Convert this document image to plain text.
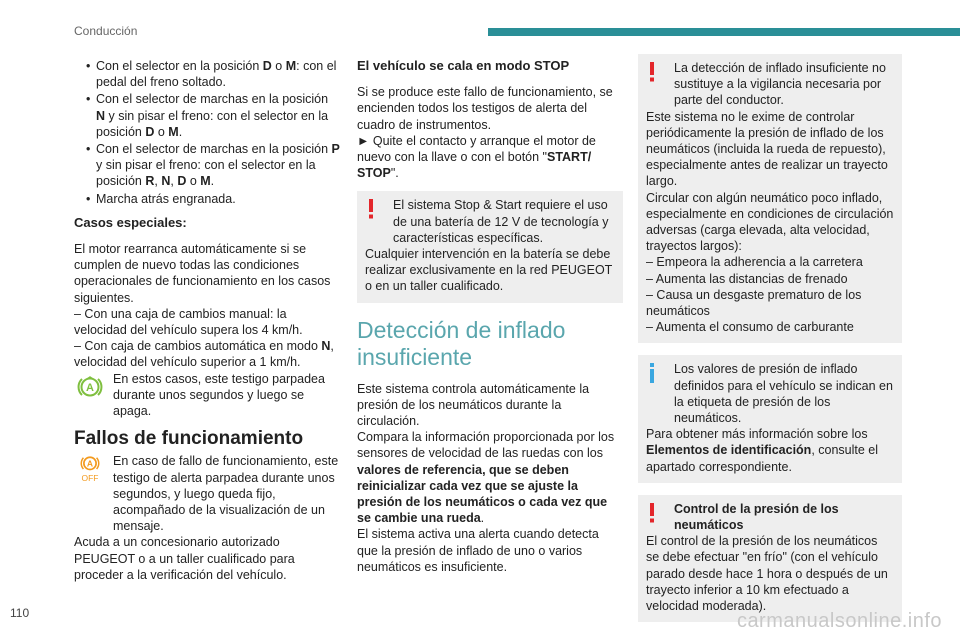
Conducción
• Con el selector en la posición D o M: con el pedal del freno soltado.
• Con el selector de marchas en la posición N y sin pisar el freno: con el selector en la posición D o M.
• Con el selector de marchas en la posición P y sin pisar el freno: con el selector en la posición R, N, D o M.
• Marcha atrás engranada.
Casos especiales:

El motor rearranca automáticamente si se cumplen de nuevo todas las condiciones operacionales de funcionamiento en los casos siguientes.

– Con una caja de cambios manual: la velocidad del vehículo supera los 4 km/h.

– Con caja de cambios automática en modo N, velocidad del vehículo superior a 1 km/h.

A

En estos casos, este testigo parpadea durante unos segundos y luego se apaga.

Fallos de funcionamiento
A
OFF

En caso de fallo de funcionamiento, este testigo de alerta parpadea durante unos segundos, y luego queda fijo, acompañado de la visualización de un mensaje.

Acuda a un concesionario autorizado PEUGEOT o a un taller cualificado para proceder a la verificación del vehículo.

El vehículo se cala en modo STOP

Si se produce este fallo de funcionamiento, se encienden todos los testigos de alerta del cuadro de instrumentos.

► Quite el contacto y arranque el motor de nuevo con la llave o con el botón "START/ STOP".

El sistema Stop & Start requiere el uso de una batería de 12 V de tecnología y características específicas.

Cualquier intervención en la batería se debe realizar exclusivamente en la red PEUGEOT o en un taller cualificado.

Detección de inflado insuficiente

Este sistema controla automáticamente la presión de los neumáticos durante la circulación.

Compara la información proporcionada por los sensores de velocidad de las ruedas con los valores de referencia, que se deben reinicializar cada vez que se ajuste la presión de los neumáticos o cada vez que se cambie una rueda.

El sistema activa una alerta cuando detecta que la presión de inflado de uno o varios neumáticos es insuficiente.

La detección de inflado insuficiente no sustituye a la vigilancia necesaria por parte del conductor.

Este sistema no le exime de controlar periódicamente la presión de inflado de los neumáticos (incluida la rueda de repuesto), especialmente antes de realizar un trayecto largo.

Circular con algún neumático poco inflado, especialmente en condiciones de circulación adversas (carga elevada, alta velocidad, trayectos largos):

– Empeora la adherencia a la carretera

– Aumenta las distancias de frenado

– Causa un desgaste prematuro de los neumáticos

– Aumenta el consumo de carburante

Los valores de presión de inflado definidos para el vehículo se indican en la etiqueta de presión de los neumáticos.

Para obtener más información sobre los Elementos de identificación, consulte el apartado correspondiente.

Control de la presión de los neumáticos

El control de la presión de los neumáticos se debe efectuar "en frío" (con el vehículo parado desde hace 1 hora o después de un trayecto inferior a 10 km efectuado a velocidad moderada).

110	carmanualsonline.info
